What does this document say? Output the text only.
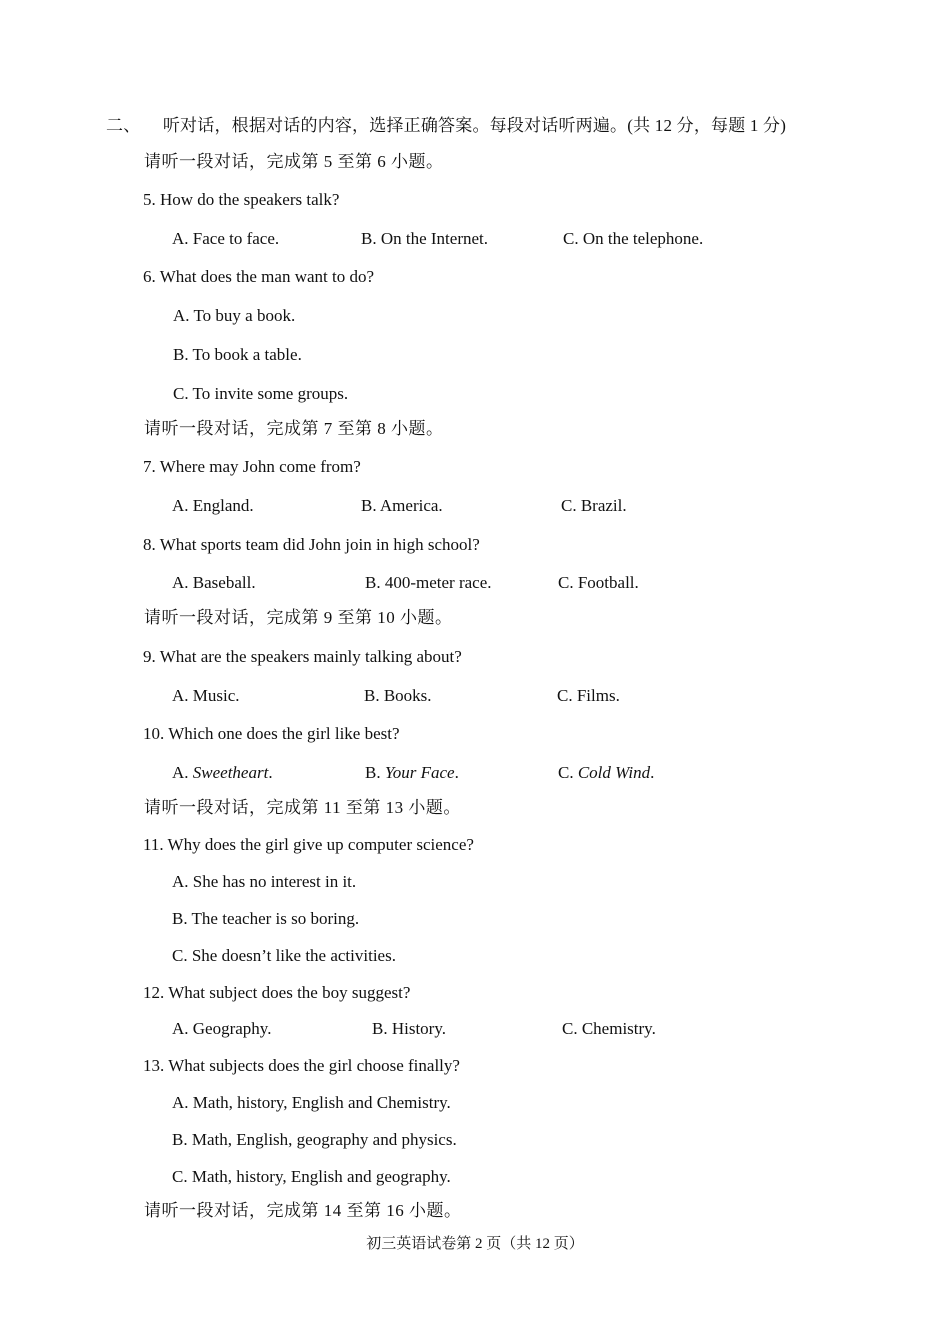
二、 听对话，根据对话的内容，选择正确答案。每段对话听两遍。(共 12 分，每题 1 分)
请听一段对话，完成第 5 至第 6 小题。
5. How do the speakers talk?
A. Face to face.	B. On the Internet.	C. On the telephone.
6. What does the man want to do?
A. To buy a book.
B. To book a table.
C. To invite some groups.
请听一段对话，完成第 7 至第 8 小题。
7. Where may John come from?
A. England.	B. America.	C. Brazil.
8. What sports team did John join in high school?
A. Baseball.	B. 400-meter race.	C. Football.
请听一段对话，完成第 9 至第 10 小题。
9. What are the speakers mainly talking about?
A. Music.	B. Books.	C. Films.
10. Which one does the girl like best?
A. Sweetheart.	B. Your Face.	C. Cold Wind.
请听一段对话，完成第 11 至第 13 小题。
11. Why does the girl give up computer science?
A. She has no interest in it.
B. The teacher is so boring.
C. She doesn’t like the activities.
12. What subject does the boy suggest?
A. Geography.	B. History.	C. Chemistry.
13. What subjects does the girl choose finally?
A. Math, history, English and Chemistry.
B. Math, English, geography and physics.
C. Math, history, English and geography.
请听一段对话，完成第 14 至第 16 小题。
初三英语试卷第 2 页（共 12 页）
